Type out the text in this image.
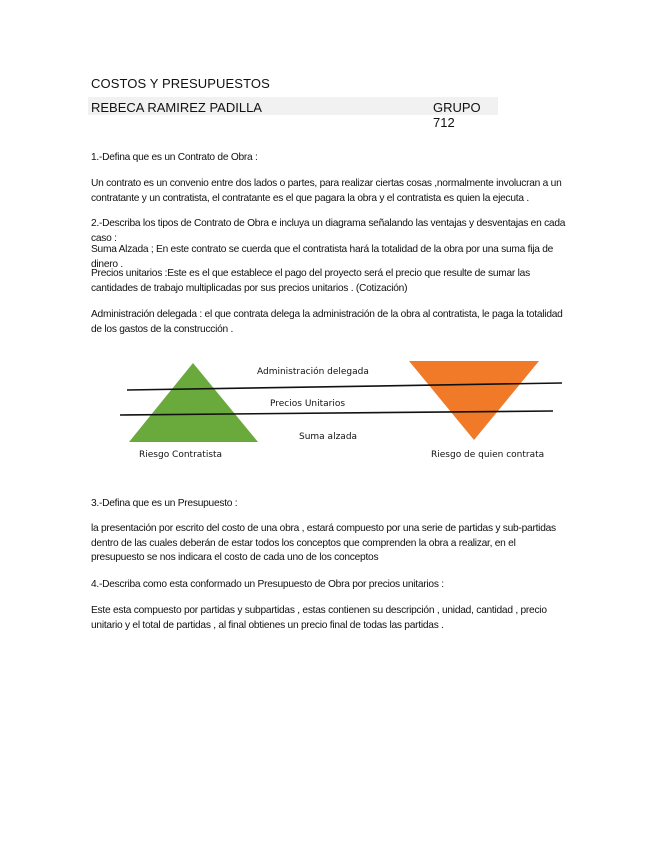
COSTOS Y PRESUPUESTOS
REBECA RAMIREZ PADILLA	GRUPO 712
1.-Defina que es un Contrato de Obra :
Un contrato es un convenio entre dos lados o partes, para realizar ciertas cosas ,normalmente involucran a un contratante y un contratista, el contratante es el que pagara la obra y el contratista es quien la ejecuta .
2.-Describa los tipos de Contrato de Obra e incluya un diagrama señalando las ventajas y desventajas en cada caso :
Suma Alzada ; En este contrato se cuerda que el contratista hará la totalidad de la obra por una suma fija de dinero .
Precios unitarios :Este es el que establece el pago del proyecto será el precio que resulte de sumar las cantidades de trabajo multiplicadas por sus precios unitarios . (Cotización)
Administración delegada : el que contrata delega la administración de la obra al contratista, le paga la totalidad de los gastos de la construcción .
Administración delegada
Precios Unitarios
Suma alzada
Riesgo Contratista	Riesgo de quien contrata
3.-Defina que es un Presupuesto :
la presentación por escrito del costo de una obra , estará compuesto por una serie de partidas y sub-partidas dentro de las cuales deberán de estar todos los conceptos que comprenden la obra a realizar, en el presupuesto se nos indicara el costo de cada uno de los conceptos
4.-Describa como esta conformado un Presupuesto de Obra por precios unitarios :
Este esta compuesto por partidas y subpartidas , estas contienen su descripción , unidad, cantidad , precio unitario y el total de partidas , al final obtienes un precio final de todas las partidas .
